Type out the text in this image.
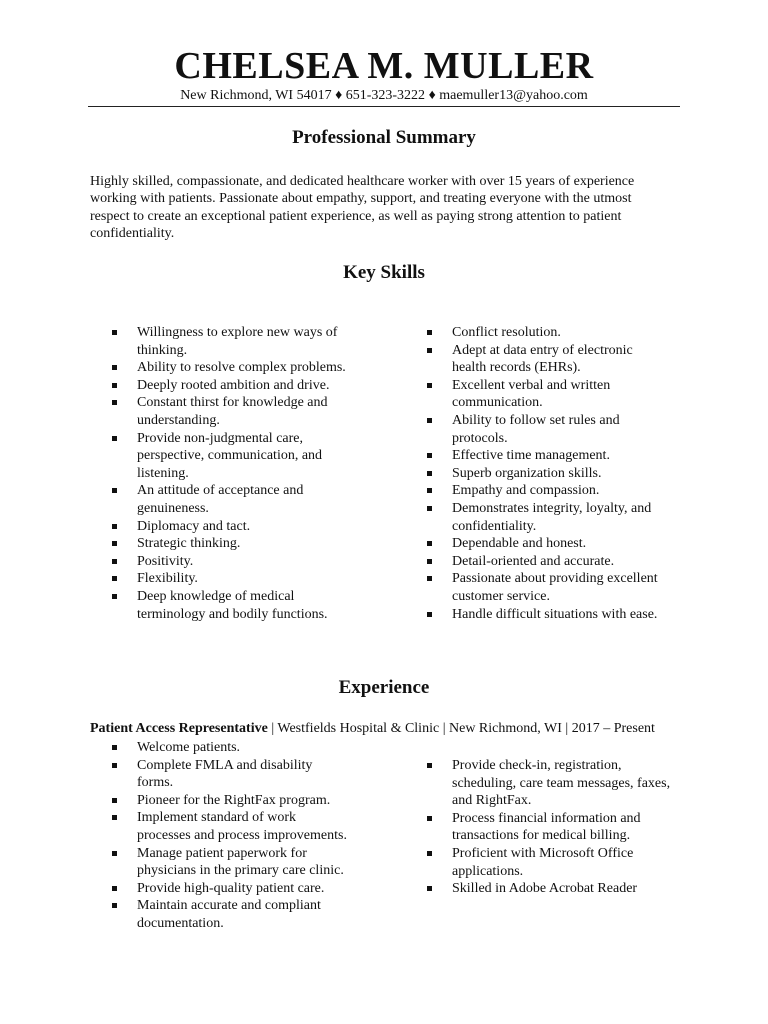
CHELSEA M. MULLER
New Richmond, WI 54017 ♦ 651-323-3222 ♦ maemuller13@yahoo.com
Professional Summary
Highly skilled, compassionate, and dedicated healthcare worker with over 15 years of experience working with patients. Passionate about empathy, support, and treating everyone with the utmost respect to create an exceptional patient experience, as well as paying strong attention to patient confidentiality.
Key Skills
Willingness to explore new ways of thinking.
Ability to resolve complex problems.
Deeply rooted ambition and drive.
Constant thirst for knowledge and understanding.
Provide non-judgmental care, perspective, communication, and listening.
An attitude of acceptance and genuineness.
Diplomacy and tact.
Strategic thinking.
Positivity.
Flexibility.
Deep knowledge of medical terminology and bodily functions.
Conflict resolution.
Adept at data entry of electronic health records (EHRs).
Excellent verbal and written communication.
Ability to follow set rules and protocols.
Effective time management.
Superb organization skills.
Empathy and compassion.
Demonstrates integrity, loyalty, and confidentiality.
Dependable and honest.
Detail-oriented and accurate.
Passionate about providing excellent customer service.
Handle difficult situations with ease.
Experience
Patient Access Representative | Westfields Hospital & Clinic | New Richmond, WI | 2017 – Present
Welcome patients.
Complete FMLA and disability forms.
Pioneer for the RightFax program.
Implement standard of work processes and process improvements.
Manage patient paperwork for physicians in the primary care clinic.
Provide high-quality patient care.
Maintain accurate and compliant documentation.
Provide check-in, registration, scheduling, care team messages, faxes, and RightFax.
Process financial information and transactions for medical billing.
Proficient with Microsoft Office applications.
Skilled in Adobe Acrobat Reader
